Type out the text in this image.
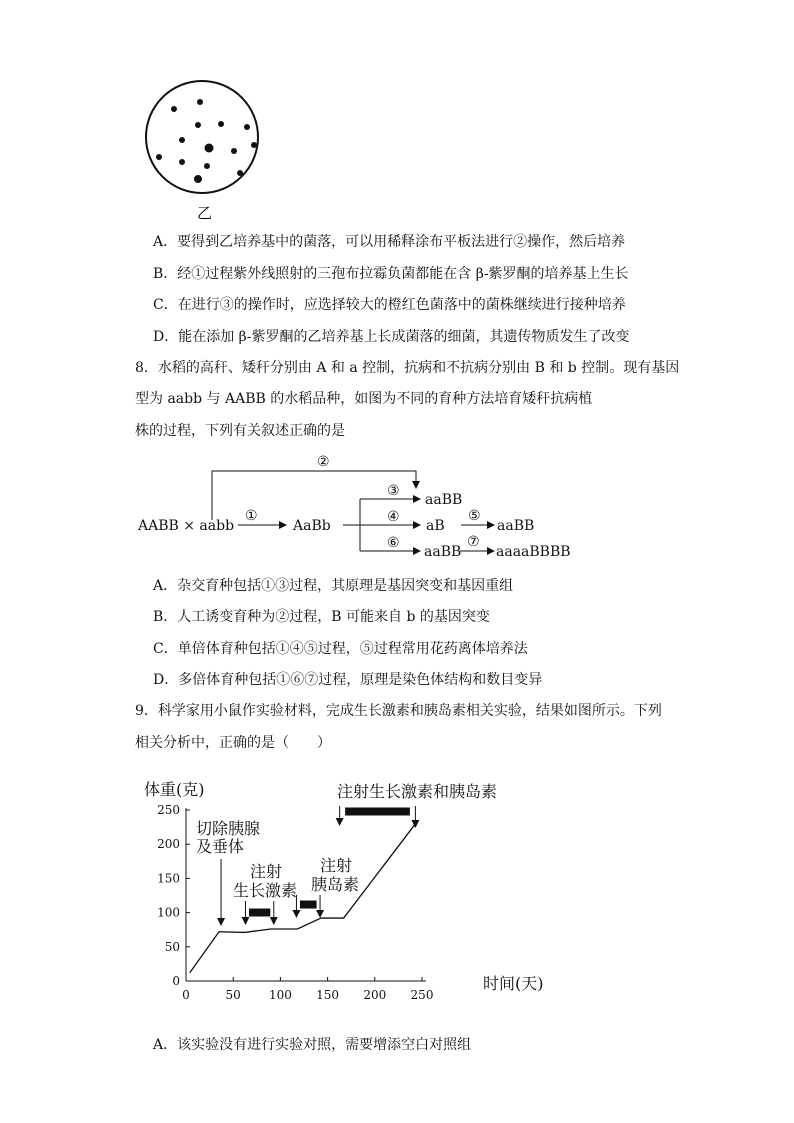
乙
A．要得到乙培养基中的菌落，可以用稀释涂布平板法进行②操作，然后培养
B．经①过程紫外线照射的三孢布拉霉负菌都能在含 β-紫罗酮的培养基上生长
C．在进行③的操作时，应选择较大的橙红色菌落中的菌株继续进行接种培养
D．能在添加 β-紫罗酮的乙培养基上长成菌落的细菌，其遗传物质发生了改变
8．水稻的高秆、矮秆分别由 A 和 a 控制，抗病和不抗病分别由 B 和 b 控制。现有基因
型为 aabb 与 AABB 的水稻品种，如图为不同的育种方法培育矮秆抗病植
株的过程，下列有关叙述正确的是
AABB × aabb
①
AaBb
②
③
④
⑥
aaBB
aB
⑤
aaBB
aaBB
⑦
aaaaBBBB
A．杂交育种包括①③过程，其原理是基因突变和基因重组
B．人工诱变育种为②过程，B 可能来自 b 的基因突变
C．单倍体育种包括①④⑤过程，⑤过程常用花药离体培养法
D．多倍体育种包括①⑥⑦过程，原理是染色体结构和数目变异
9．科学家用小鼠作实验材料，完成生长激素和胰岛素相关实验，结果如图所示。下列
相关分析中，正确的是（　　）
0	50 100 150 200 250
0
50
100
150
200
250
体重(克)
时间(天)
切除胰腺
及垂体
注射
生长激素
注射
胰岛素
注射生长激素和胰岛素
A．该实验没有进行实验对照，需要增添空白对照组
